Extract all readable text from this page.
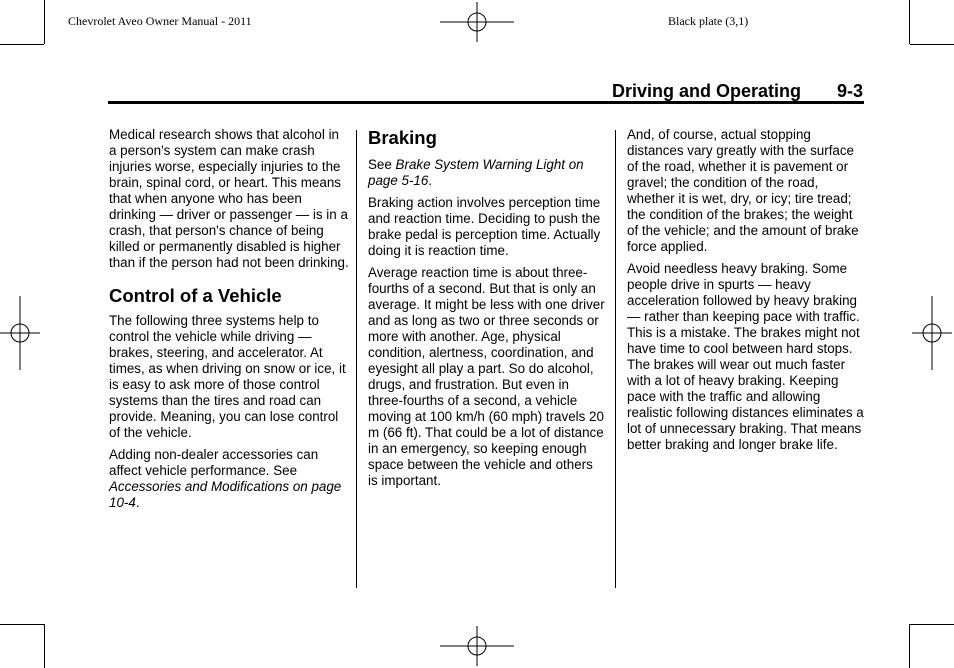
Chevrolet Aveo Owner Manual - 2011	Black plate (3,1)
Driving and Operating 9-3

Medical research shows that alcohol in a person's system can make crash injuries worse, especially injuries to the brain, spinal cord, or heart. This means that when anyone who has been drinking — driver or passenger — is in a crash, that person's chance of being killed or permanently disabled is higher than if the person had not been drinking.

Control of a Vehicle

The following three systems help to control the vehicle while driving — brakes, steering, and accelerator. At times, as when driving on snow or ice, it is easy to ask more of those control systems than the tires and road can provide. Meaning, you can lose control of the vehicle.

Adding non-dealer accessories can affect vehicle performance. See Accessories and Modifications on page 10-4.

Braking

See Brake System Warning Light on page 5-16.

Braking action involves perception time and reaction time. Deciding to push the brake pedal is perception time. Actually doing it is reaction time.

Average reaction time is about three-fourths of a second. But that is only an average. It might be less with one driver and as long as two or three seconds or more with another. Age, physical condition, alertness, coordination, and eyesight all play a part. So do alcohol, drugs, and frustration. But even in three-fourths of a second, a vehicle moving at 100 km/h (60 mph) travels 20 m (66 ft). That could be a lot of distance in an emergency, so keeping enough space between the vehicle and others is important.

And, of course, actual stopping distances vary greatly with the surface of the road, whether it is pavement or gravel; the condition of the road, whether it is wet, dry, or icy; tire tread; the condition of the brakes; the weight of the vehicle; and the amount of brake force applied.

Avoid needless heavy braking. Some people drive in spurts — heavy acceleration followed by heavy braking — rather than keeping pace with traffic. This is a mistake. The brakes might not have time to cool between hard stops. The brakes will wear out much faster with a lot of heavy braking. Keeping pace with the traffic and allowing realistic following distances eliminates a lot of unnecessary braking. That means better braking and longer brake life.
